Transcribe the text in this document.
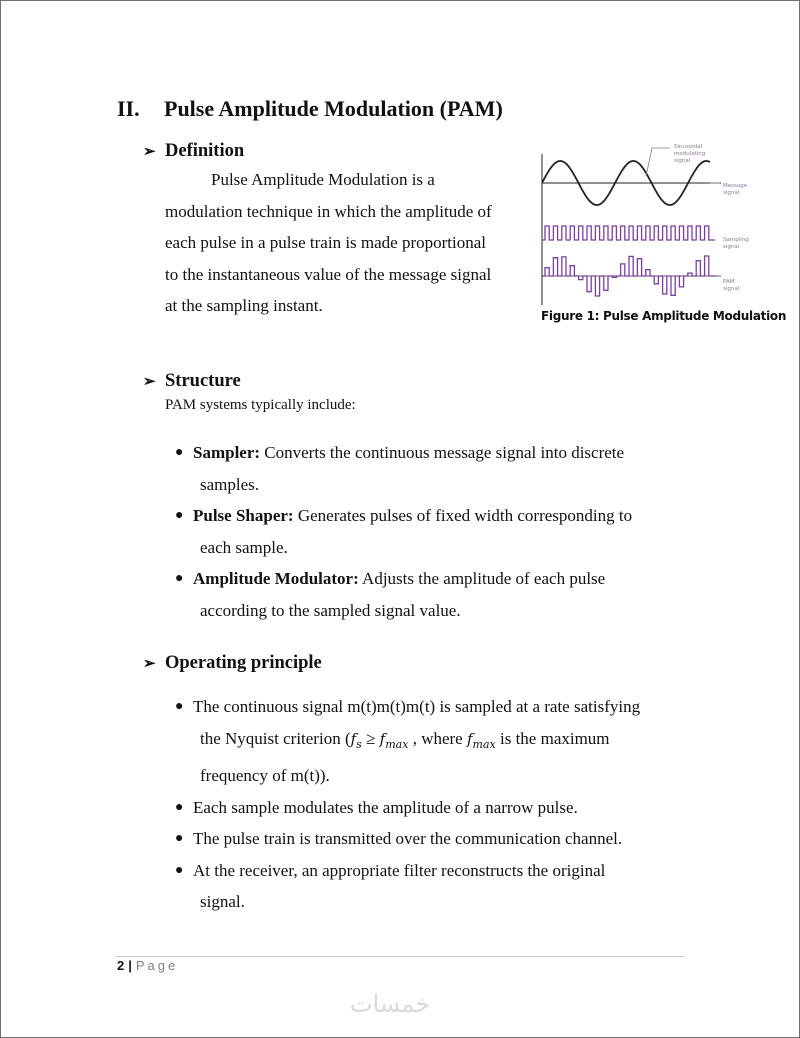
II. Pulse Amplitude Modulation (PAM)
➢ Definition
Pulse Amplitude Modulation is a modulation technique in which the amplitude of each pulse in a pulse train is made proportional to the instantaneous value of the message signal at the sampling instant.
Sinusoidal
modulating
signal
Message
signal
Sampling
signal
PAM
signal
Figure 1: Pulse Amplitude Modulation
➢ Structure
PAM systems typically include:
● Sampler: Converts the continuous message signal into discrete
samples.
● Pulse Shaper: Generates pulses of fixed width corresponding to
each sample.
● Amplitude Modulator: Adjusts the amplitude of each pulse
according to the sampled signal value.
➢ Operating principle
● The continuous signal m(t)m(t)m(t) is sampled at a rate satisfying
the Nyquist criterion ($f_s \ge f_{max}$ , where $f_{max}$ is the maximum
frequency of m(t)).
● Each sample modulates the amplitude of a narrow pulse.
● The pulse train is transmitted over the communication channel.
● At the receiver, an appropriate filter reconstructs the original
signal.
2 | Page
خمسات
